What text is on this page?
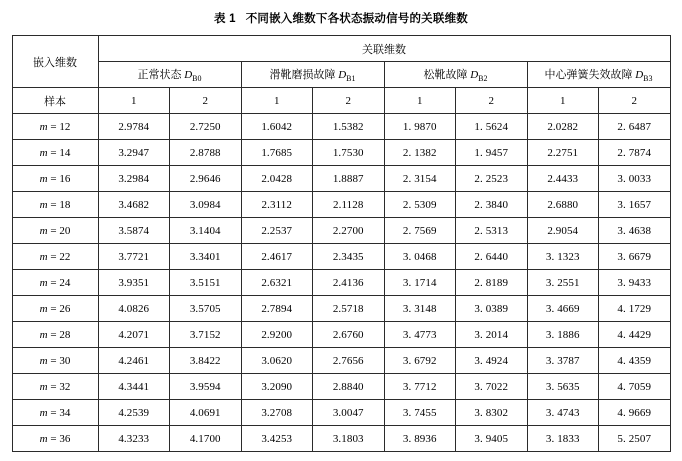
表 1 不同嵌入维数下各状态振动信号的关联维数
嵌入维数	关联维数							
	正常状态 $D_{B0}$		滑靴磨损故障 $D_{B1}$		松靴故障 $D_{B2}$		中心弹簧失效故障 $D_{B3}$
样本	1	2	1	2	1	2	1	2
m = 12	2.9784	2.7250	1.6042	1.5382	1. 9870	1. 5624	2.0282	2. 6487
m = 14	3.2947	2.8788	1.7685	1.7530	2. 1382	1. 9457	2.2751	2. 7874
m = 16	3.2984	2.9646	2.0428	1.8887	2. 3154	2. 2523	2.4433	3. 0033
m = 18	3.4682	3.0984	2.3112	2.1128	2. 5309	2. 3840	2.6880	3. 1657
m = 20	3.5874	3.1404	2.2537	2.2700	2. 7569	2. 5313	2.9054	3. 4638
m = 22	3.7721	3.3401	2.4617	2.3435	3. 0468	2. 6440	3. 1323	3. 6679
m = 24	3.9351	3.5151	2.6321	2.4136	3. 1714	2. 8189	3. 2551	3. 9433
m = 26	4.0826	3.5705	2.7894	2.5718	3. 3148	3. 0389	3. 4669	4. 1729
m = 28	4.2071	3.7152	2.9200	2.6760	3. 4773	3. 2014	3. 1886	4. 4429
m = 30	4.2461	3.8422	3.0620	2.7656	3. 6792	3. 4924	3. 3787	4. 4359
m = 32	4.3441	3.9594	3.2090	2.8840	3. 7712	3. 7022	3. 5635	4. 7059
m = 34	4.2539	4.0691	3.2708	3.0047	3. 7455	3. 8302	3. 4743	4. 9669
m = 36	4.3233	4.1700	3.4253	3.1803	3. 8936	3. 9405	3. 1833	5. 2507
